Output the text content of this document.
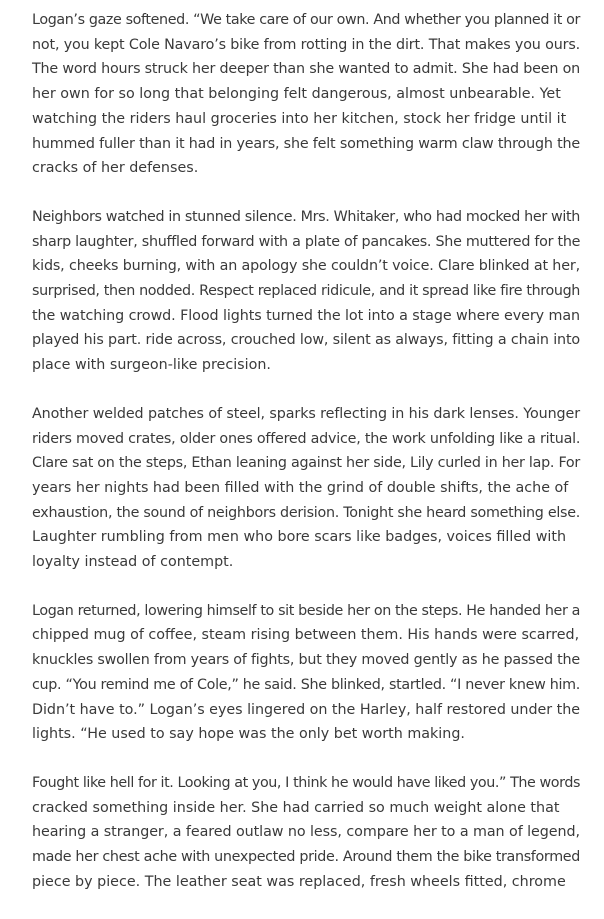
Logan’s gaze softened. “We take care of our own. And whether you planned it or
not, you kept Cole Navaro’s bike from rotting in the dirt. That makes you ours.
The word hours struck her deeper than she wanted to admit. She had been on
her own for so long that belonging felt dangerous, almost unbearable. Yet
watching the riders haul groceries into her kitchen, stock her fridge until it
hummed fuller than it had in years, she felt something warm claw through the
cracks of her defenses.

Neighbors watched in stunned silence. Mrs. Whitaker, who had mocked her with
sharp laughter, shuffled forward with a plate of pancakes. She muttered for the
kids, cheeks burning, with an apology she couldn’t voice. Clare blinked at her,
surprised, then nodded. Respect replaced ridicule, and it spread like fire through
the watching crowd. Flood lights turned the lot into a stage where every man
played his part. ride across, crouched low, silent as always, fitting a chain into
place with surgeon-like precision.

Another welded patches of steel, sparks reflecting in his dark lenses. Younger
riders moved crates, older ones offered advice, the work unfolding like a ritual.
Clare sat on the steps, Ethan leaning against her side, Lily curled in her lap. For
years her nights had been filled with the grind of double shifts, the ache of
exhaustion, the sound of neighbors derision. Tonight she heard something else.
Laughter rumbling from men who bore scars like badges, voices filled with
loyalty instead of contempt.

Logan returned, lowering himself to sit beside her on the steps. He handed her a
chipped mug of coffee, steam rising between them. His hands were scarred,
knuckles swollen from years of fights, but they moved gently as he passed the
cup. “You remind me of Cole,” he said. She blinked, startled. “I never knew him.
Didn’t have to.” Logan’s eyes lingered on the Harley, half restored under the
lights. “He used to say hope was the only bet worth making.

Fought like hell for it. Looking at you, I think he would have liked you.” The words
cracked something inside her. She had carried so much weight alone that
hearing a stranger, a feared outlaw no less, compare her to a man of legend,
made her chest ache with unexpected pride. Around them the bike transformed
piece by piece. The leather seat was replaced, fresh wheels fitted, chrome
